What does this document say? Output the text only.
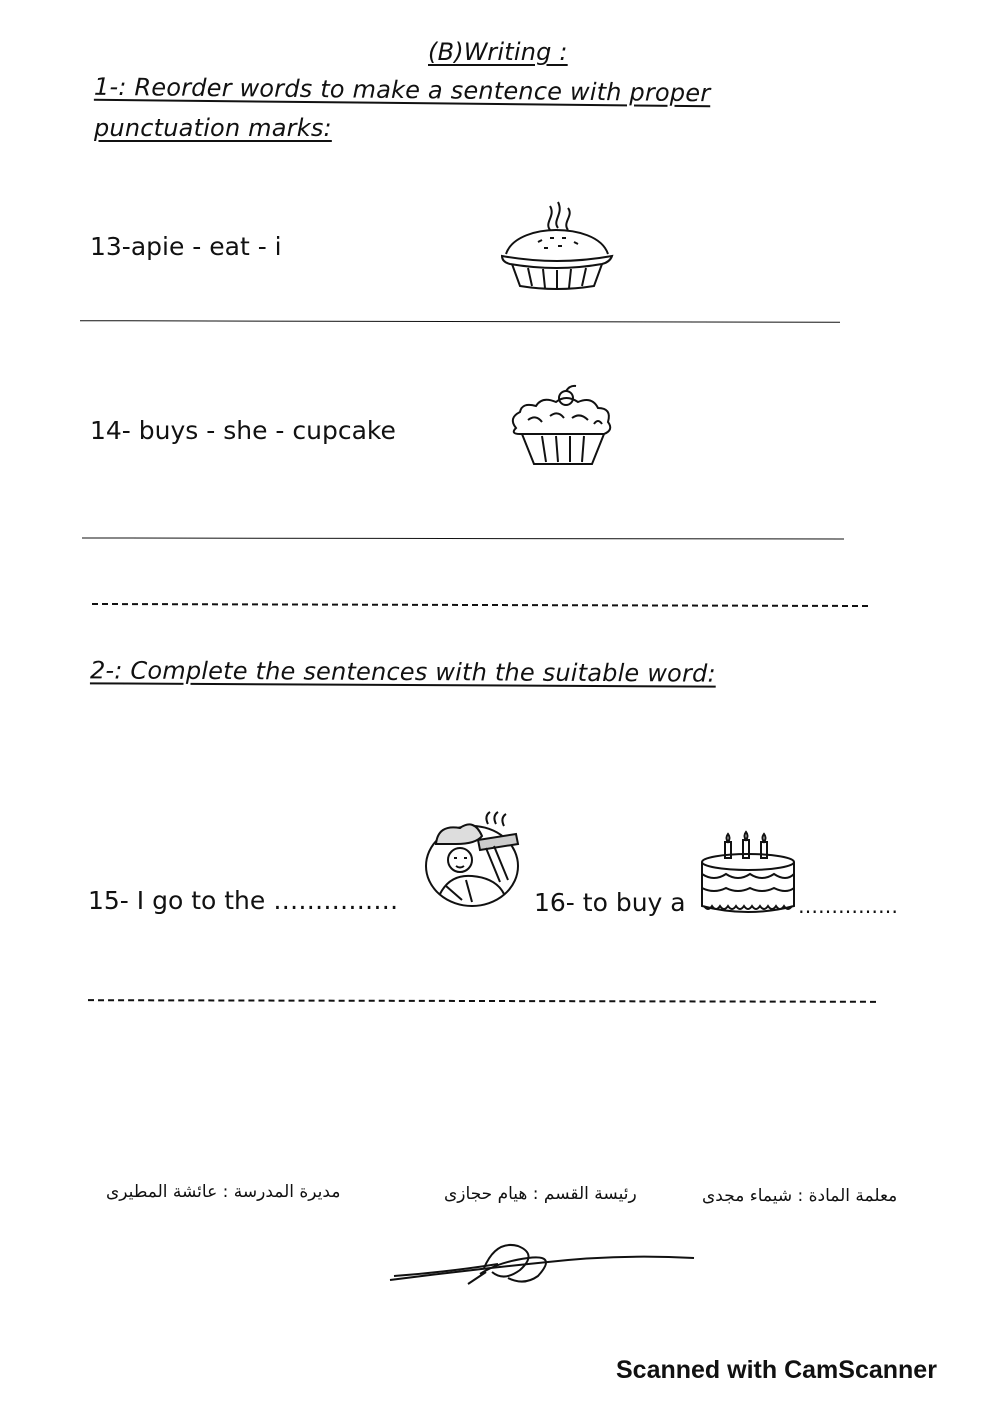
(B)Writing :
1-: Reorder words to make a sentence with proper
punctuation marks:
13-apie - eat - i
14- buys - she - cupcake
2-: Complete the sentences with the suitable word:
15- I go to the ……………	16- to buy a	……………
مديرة المدرسة : عائشة المطيرى	رئيسة القسم : هيام حجازى	معلمة المادة : شيماء مجدى
Scanned with CamScanner
